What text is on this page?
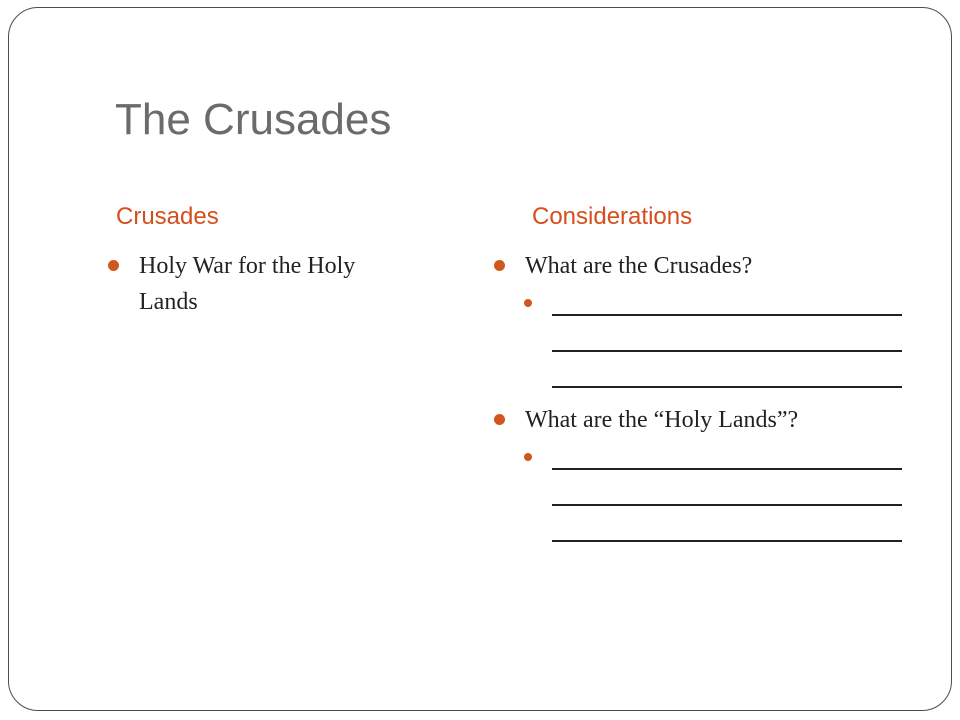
The Crusades
Crusades	Considerations
Holy War for the Holy Lands
What are the Crusades?
What are the “Holy Lands”?
